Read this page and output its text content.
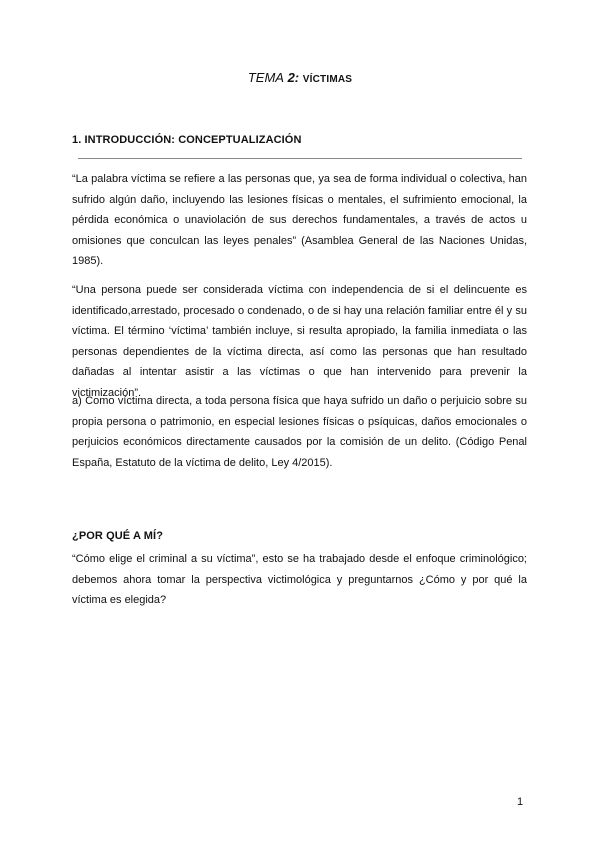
TEMA 2: VÍCTIMAS
1. INTRODUCCIÓN: CONCEPTUALIZACIÓN
“La palabra víctima se refiere a las personas que, ya sea de forma individual o colectiva, han sufrido algún daño, incluyendo las lesiones físicas o mentales, el sufrimiento emocional, la pérdida económica o unaviolación de sus derechos fundamentales, a través de actos u omisiones que conculcan las leyes penales” (Asamblea General de las Naciones Unidas, 1985).
“Una persona puede ser considerada víctima con independencia de si el delincuente es identificado,arrestado, procesado o condenado, o de si hay una relación familiar entre él y su víctima. El término ‘víctima’ también incluye, si resulta apropiado, la familia inmediata o las personas dependientes de la víctima directa, así como las personas que han resultado dañadas al intentar asistir a las víctimas o que han intervenido para prevenir la victimización”.
a) Como víctima directa, a toda persona física que haya sufrido un daño o perjuicio sobre su propia persona o patrimonio, en especial lesiones físicas o psíquicas, daños emocionales o perjuicios económicos directamente causados por la comisión de un delito. (Código Penal España, Estatuto de la víctima de delito, Ley 4/2015).
¿POR QUÉ A MÍ?
“Cómo elige el criminal a su víctima”, esto se ha trabajado desde el enfoque criminológico; debemos ahora tomar la perspectiva victimológica y preguntarnos ¿Cómo y por qué la víctima es elegida?
1
